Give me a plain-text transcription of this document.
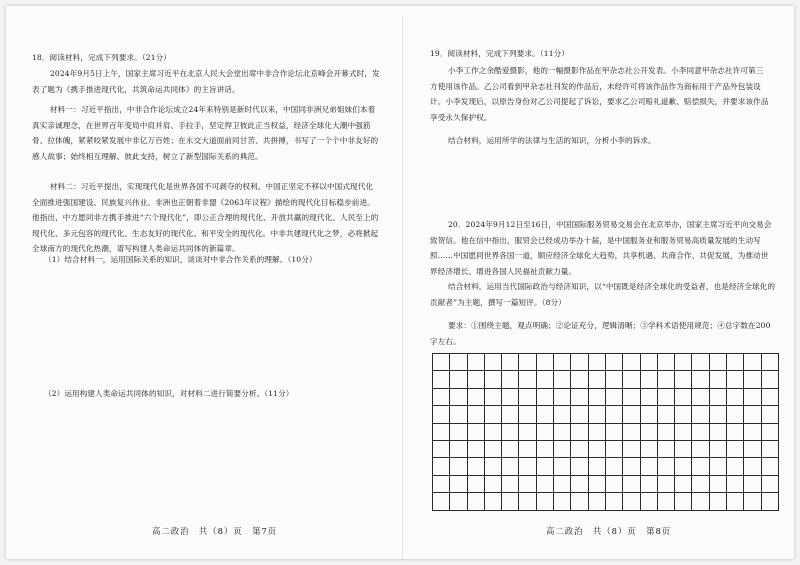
18．阅读材料，完成下列要求。（21分）

2024年9月5日上午，国家主席习近平在北京人民大会堂出席中非合作论坛北京峰会开幕式时，发表了题为《携手推进现代化，共筑命运共同体》的主旨讲话。

材料一：习近平指出，中非合作论坛成立24年来特别是新时代以来，中国同非洲兄弟姐妹们本着真实亲诚理念，在世界百年变局中肩并肩、手拉手，坚定捍卫彼此正当权益，经济全球化大潮中强筋骨、拉体魄，紧紧咬紧发展中非亿万百姓；在永交大道面前同甘苦、共拼搏，书写了一个个中非友好的感人故事；始终相互理解、彼此支持，树立了新型国际关系的典范。

材料二：习近平提出，实现现代化是世界各国不可剥夺的权利。中国正坚定不移以中国式现代化全面推进强国建设、民族复兴伟业。非洲也正朝着非盟《2063年议程》描绘的现代化目标稳步前进。他指出，中方愿同非方携手推进“六个现代化”，即公正合理的现代化、开放共赢的现代化、人民至上的现代化、多元包容的现代化、生态友好的现代化、和平安全的现代化。中非共建现代化之梦，必将掀起全球南方的现代化热潮，谱写构建人类命运共同体的新篇章。

（1）结合材料一，运用国际关系的知识，谈谈对中非合作关系的理解。（10分）

（2）运用构建人类命运共同体的知识，对材料二进行简要分析。（11分）

高二政治　共（8）页　第7页

19．阅读材料，完成下列要求。（11分）

小李工作之余酷爱摄影，他的一幅摄影作品在甲杂志社公开发表。小李同意甲杂志社许可第三方使用该作品。乙公司看到甲杂志社刊发的作品后，未经许可将该作品作为商标用于产品外包装设计。小李发现后，以原告身份对乙公司提起了诉讼，要求乙公司赔礼道歉、赔偿损失，并要求该作品享受永久保护权。

结合材料，运用所学的法律与生活的知识，分析小李的诉求。

20．2024年9月12日至16日，中国国际服务贸易交易会在北京举办，国家主席习近平向交易会致贺信。他在信中指出，服贸会已经成功举办十届，是中国服务业和服务贸易高质量发展的生动写照……中国愿同世界各国一道，顺应经济全球化大趋势，共享机遇、共商合作、共促发展，为推动世界经济增长、增进各国人民福祉贡献力量。

结合材料，运用当代国际政治与经济知识，以“中国既是经济全球化的受益者，也是经济全球化的贡献者”为主题，撰写一篇短评。（8分）

要求：①围绕主题，观点明确；②论证充分，逻辑清晰；③学科术语使用规范；④总字数在200字左右。

高二政治　共（8）页　第8页
